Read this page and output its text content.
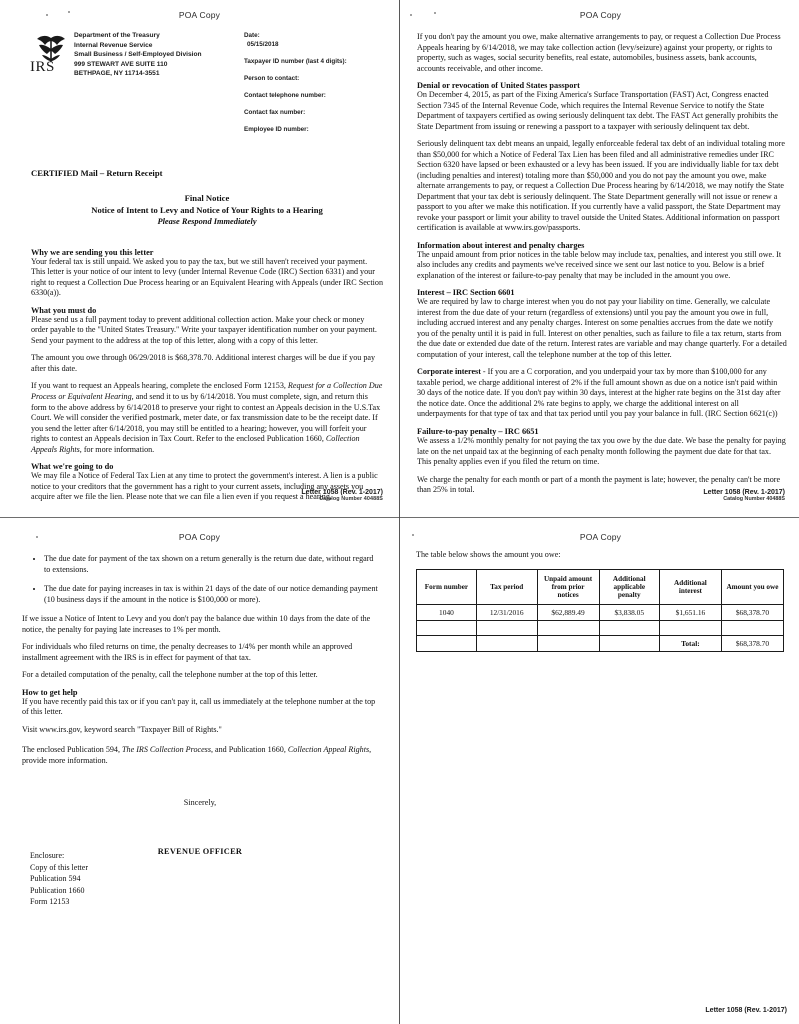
POA Copy
IRS
Department of the Treasury
Internal Revenue Service
Small Business / Self-Employed Division
999 STEWART AVE SUITE 110
BETHPAGE, NY 11714-3551
Date:
05/15/2018
Taxpayer ID number (last 4 digits):
Person to contact:
Contact telephone number:
Contact fax number:
Employee ID number:
CERTIFIED Mail – Return Receipt
Final Notice
Notice of Intent to Levy and Notice of Your Rights to a Hearing
Please Respond Immediately
Why we are sending you this letter

Your federal tax is still unpaid. We asked you to pay the tax, but we still haven't received your payment. This letter is your notice of our intent to levy (under Internal Revenue Code (IRC) Section 6331) and your right to request a Collection Due Process hearing or an Equivalent Hearing with Appeals (under IRC Section 6330(a)).

What you must do

Please send us a full payment today to prevent additional collection action. Make your check or money order payable to the "United States Treasury." Write your taxpayer identification number on your payment. Send your payment to the address at the top of this letter, along with a copy of this letter.

The amount you owe through 06/29/2018 is $68,378.70. Additional interest charges will be due if you pay after this date.

If you want to request an Appeals hearing, complete the enclosed Form 12153, Request for a Collection Due Process or Equivalent Hearing, and send it to us by 6/14/2018. You must complete, sign, and return this form to the above address by 6/14/2018 to preserve your right to contest an Appeals decision in the U.S.Tax Court. We will consider the verified postmark, meter date, or fax transmission date to be the receipt date. If you send the letter after 6/14/2018, you may still be entitled to a hearing; however, you will forfeit your rights to contest an Appeals decision in Tax Court. Refer to the enclosed Publication 1660, Collection Appeals Rights, for more information.

What we're going to do

We may file a Notice of Federal Tax Lien at any time to protect the government's interest. A lien is a public notice to your creditors that the government has a right to your current assets, including any assets you acquire after we file the lien. Please note that we can file a lien even if you request a hearing.

Letter 1058 (Rev. 1-2017)
Catalog Number 40488S
POA Copy

If you don't pay the amount you owe, make alternative arrangements to pay, or request a Collection Due Process Appeals hearing by 6/14/2018, we may take collection action (levy/seizure) against your property, or rights to property, such as wages, social security benefits, real estate, automobiles, business assets, bank accounts, accounts receivable, and other income.

Denial or revocation of United States passport

On December 4, 2015, as part of the Fixing America's Surface Transportation (FAST) Act, Congress enacted Section 7345 of the Internal Revenue Code, which requires the Internal Revenue Service to notify the State Department of taxpayers certified as owing seriously delinquent tax debt. The FAST Act generally prohibits the State Department from issuing or renewing a passport to a taxpayer with seriously delinquent tax debt.

Seriously delinquent tax debt means an unpaid, legally enforceable federal tax debt of an individual totaling more than $50,000 for which a Notice of Federal Tax Lien has been filed and all administrative remedies under IRC Section 6320 have lapsed or been exhausted or a levy has been issued. If you are individually liable for tax debt (including penalties and interest) totaling more than $50,000 and you do not pay the amount you owe, make alternate arrangements to pay, or request a Collection Due Process hearing by 6/14/2018, we may notify the State Department that your tax debt is seriously delinquent. The State Department generally will not issue or renew a passport to you after we make this notification. If you currently have a valid passport, the State Department may revoke your passport or limit your ability to travel outside the United States. Additional information on passport certification is available at www.irs.gov/passports.

Information about interest and penalty charges

The unpaid amount from prior notices in the table below may include tax, penalties, and interest you still owe. It also includes any credits and payments we've received since we sent our last notice to you. Below is a brief explanation of the interest or failure-to-pay penalty that may be included in the amount you owe.

Interest – IRC Section 6601

We are required by law to charge interest when you do not pay your liability on time. Generally, we calculate interest from the due date of your return (regardless of extensions) until you pay the amount you owe in full, including accrued interest and any penalty charges. Interest on some penalties accrues from the date we notify you of the penalty until it is paid in full. Interest on other penalties, such as failure to file a tax return, starts from the due date or extended due date of the return. Interest rates are variable and may change quarterly. For a detailed computation of your interest, call the telephone number at the top of this letter.

Corporate interest - If you are a C corporation, and you underpaid your tax by more than $100,000 for any taxable period, we charge additional interest of 2% if the full amount shown as due on a notice isn't paid within 30 days of the notice date. If you don't pay within 30 days, interest at the higher rate begins on the 31st day after the notice date. Once the additional 2% rate begins to apply, we charge the additional interest on all underpayments for that type of tax and that tax period until you pay your balance in full. (IRC Section 6621(c))

Failure-to-pay penalty – IRC 6651

We assess a 1/2% monthly penalty for not paying the tax you owe by the due date. We base the penalty for paying late on the net unpaid tax at the beginning of each penalty month following the payment due date for that tax. This penalty applies even if you filed the return on time.

We charge the penalty for each month or part of a month the payment is late; however, the penalty can't be more than 25% in total.	Letter 1058 (Rev. 1-2017)
Catalog Number 40488S
POA Copy
• The due date for payment of the tax shown on a return generally is the return due date, without regard to extensions.
• The due date for paying increases in tax is within 21 days of the date of our notice demanding payment (10 business days if the amount in the notice is $100,000 or more).

If we issue a Notice of Intent to Levy and you don't pay the balance due within 10 days from the date of the notice, the penalty for paying late increases to 1% per month.

For individuals who filed returns on time, the penalty decreases to 1/4% per month while an approved installment agreement with the IRS is in effect for payment of that tax.

For a detailed computation of the penalty, call the telephone number at the top of this letter.

How to get help

If you have recently paid this tax or if you can't pay it, call us immediately at the telephone number at the top of this letter.

Visit www.irs.gov, keyword search "Taxpayer Bill of Rights."

The enclosed Publication 594, The IRS Collection Process, and Publication 1660, Collection Appeal Rights, provide more information.

Sincerely,
REVENUE OFFICER
Enclosure:
Copy of this letter
Publication 594
Publication 1660
Form 12153
POA Copy

The table below shows the amount you owe:

Form number	Tax period	Unpaid amount from prior notices	Additional applicable penalty	Additional interest	Amount you owe
1040	12/31/2016	$62,889.49	$3,838.05	$1,651.16	$68,378.70

				Total:	$68,378.70
Letter 1058 (Rev. 1-2017)
